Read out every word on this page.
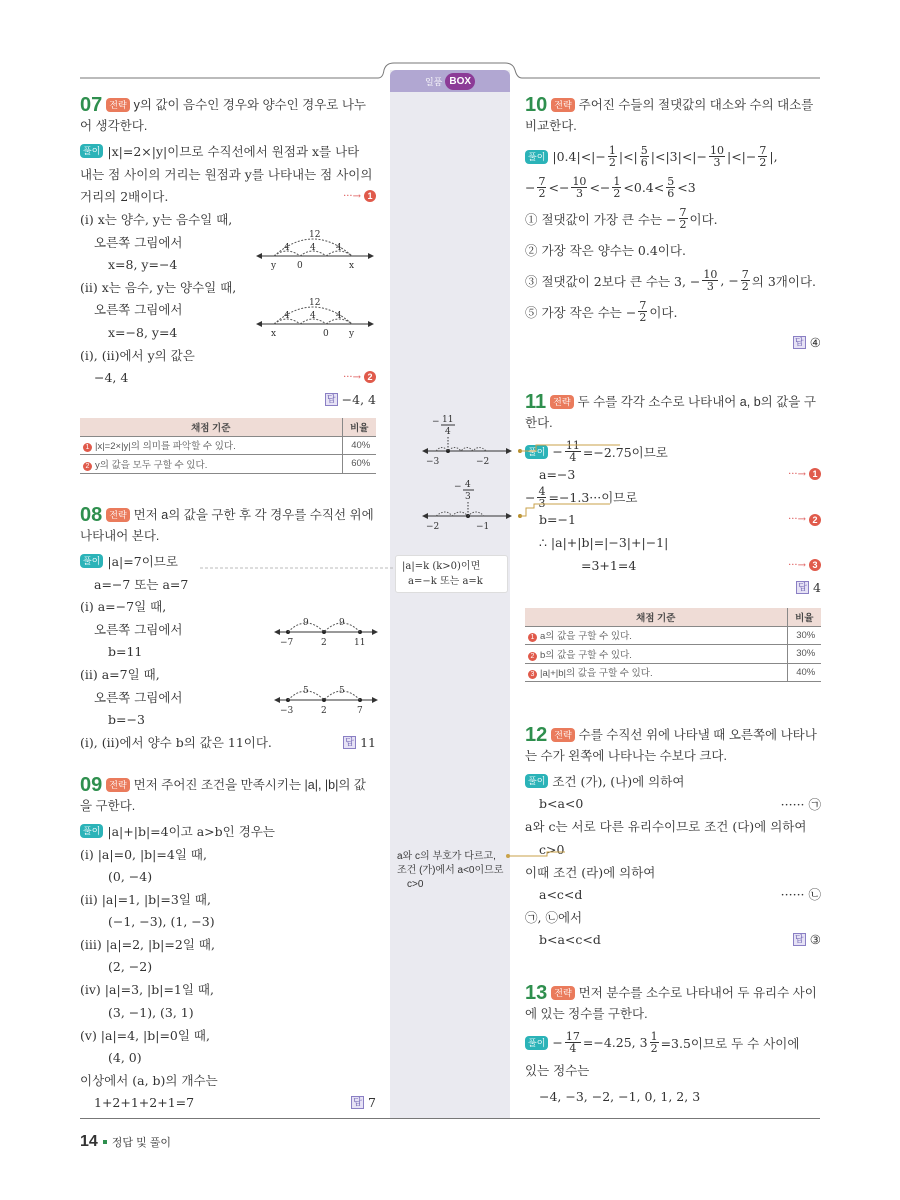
일품 BOX

07 전략 y의 값이 음수인 경우와 양수인 경우로 나누어 생각한다.

풀이 |x|=2×|y|이므로 수직선에서 원점과 x를 나타
내는 점 사이의 거리는 원점과 y를 나타내는 점 사이의
거리의 2배이다.	···→ 1
(i) x는 양수, y는 음수일 때,
오른쪽 그림에서
x=8, y=−4
(ii) x는 음수, y는 양수일 때,
오른쪽 그림에서
x=−8, y=4
(i), (ii)에서 y의 값은
−4, 4	···→ 2
답 −4, 4
12
4 4 4
y 0	x
12
4 4 4
x	0 y
채점 기준	비율
1 |x|=2×|y|의 의미를 파악할 수 있다.	40%
2 y의 값을 모두 구할 수 있다.	60%

08 전략 먼저 a의 값을 구한 후 각 경우를 수직선 위에 나타내어 본다.

풀이 |a|=7이므로
a=−7 또는 a=7
(i) a=−7일 때,
오른쪽 그림에서
b=11
(ii) a=7일 때,
오른쪽 그림에서
b=−3
(i), (ii)에서 양수 b의 값은 11이다.	답 11
9	9
−7	2	11
5	5
−3	2	7
|a|=k (k>0)이면
a=−k 또는 a=k

09 전략 먼저 주어진 조건을 만족시키는 |a|, |b|의 값을 구한다.

풀이 |a|+|b|=4이고 a>b인 경우는
(i) |a|=0, |b|=4일 때,
(0, −4)
(ii) |a|=1, |b|=3일 때,
(−1, −3), (1, −3)
(iii) |a|=2, |b|=2일 때,
(2, −2)
(iv) |a|=3, |b|=1일 때,
(3, −1), (3, 1)
(v) |a|=4, |b|=0일 때,
(4, 0)
이상에서 (a, b)의 개수는
1+2+1+2+1=7	답 7

10 전략 주어진 수들의 절댓값의 대소와 수의 대소를 비교한다.

풀이 $|0.4|<|- \frac{1}{2}$ |<| $\frac{5}{6} |<|3|<|- \frac{10}{3}$ |<|− $\frac{7}{2}$ |,
− $\frac{7}{2} <- \frac{10}{3} <- \frac{1}{2} <0.4< \frac{5}{6} <3$
① 절댓값이 가장 큰 수는 − $\frac{7}{2}$ 이다.
② 가장 작은 양수는 0.4이다.
③ 절댓값이 2보다 큰 수는 3, − $\frac{10}{3}$ , − $\frac{7}{2}$ 의 3개이다.
⑤ 가장 작은 수는 − $\frac{7}{2}$ 이다.
답 ④

11 전략 두 수를 각각 소수로 나타내어 a, b의 값을 구한다.

풀이 − $\frac{11}{4} =-2.75$이므로
a=−3	···→ 1
− $\frac{4}{3} =-1.3\cdot\cdot\cdot$이므로
b=−1	···→ 2
∴ |a|+|b|=|−3|+|−1|
=3+1=4	···→ 3
답 4
− 11
4
−3	−2
− 4
3
−2	−1
채점 기준	비율
1 a의 값을 구할 수 있다.	30%
2 b의 값을 구할 수 있다.	30%
3 |a|+|b|의 값을 구할 수 있다.	40%

12 전략 수를 수직선 위에 나타낼 때 오른쪽에 나타나는 수가 왼쪽에 나타나는 수보다 크다.

풀이 조건 (가), (나)에 의하여
b<a<0	······ ㉠
a와 c는 서로 다른 유리수이므로 조건 (다)에 의하여
c>0
이때 조건 (라)에 의하여
a<c<d	······ ㉡
㉠, ㉡에서
b<a<c<d	답 ③
a와 c의 부호가 다르고,
조건 (가)에서 a<0이므로
c>0

13 전략 먼저 분수를 소수로 나타내어 두 유리수 사이에 있는 정수를 구한다.

풀이 − $\frac{17}{4} =-4.25$, $3 \frac{1}{2} =3.5$이므로 두 수 사이에
있는 정수는
−4, −3, −2, −1, 0, 1, 2, 3
14 정답 및 풀이
